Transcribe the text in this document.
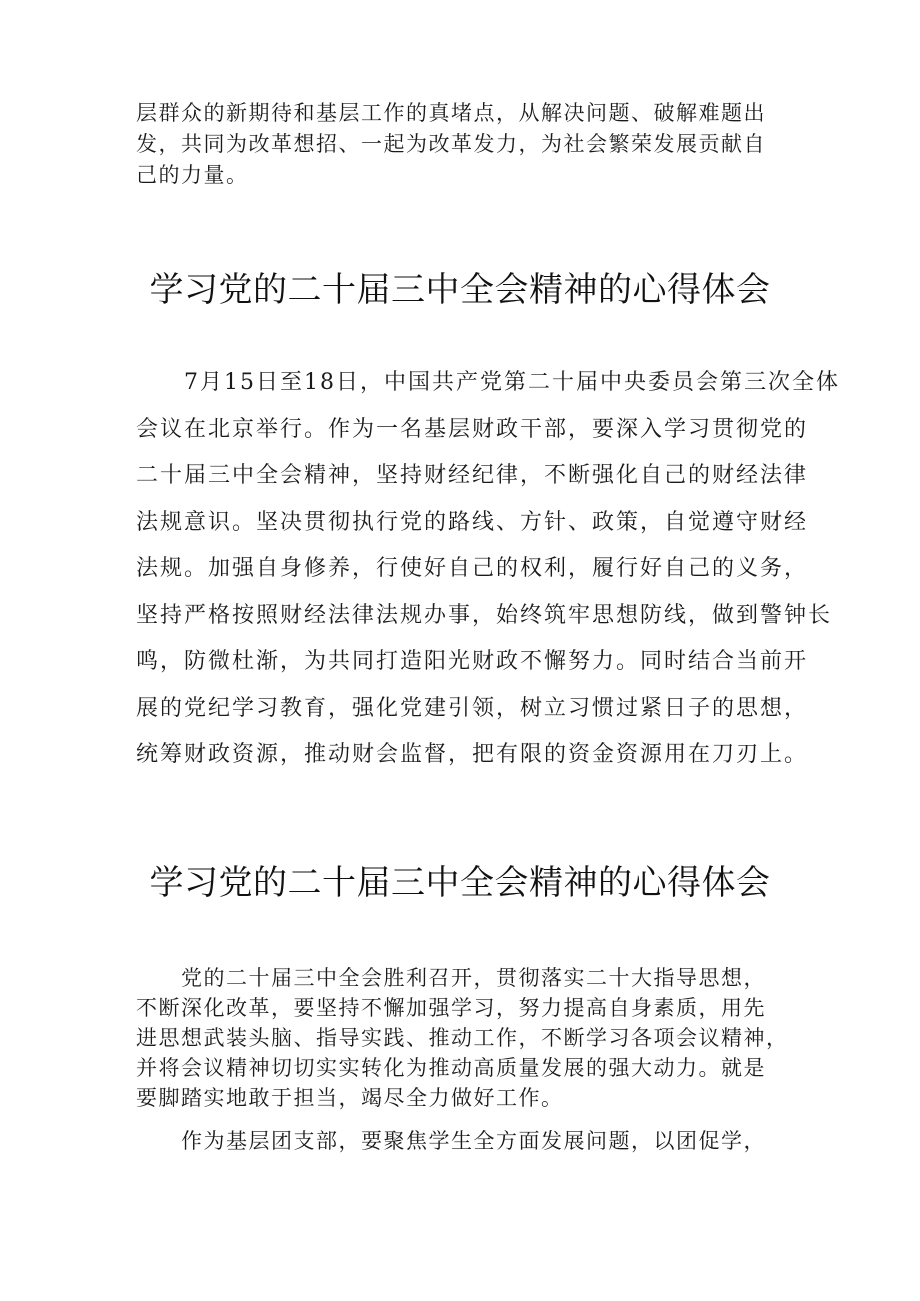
层群众的新期待和基层工作的真堵点，从解决问题、破解难题出
发，共同为改革想招、一起为改革发力，为社会繁荣发展贡献自
己的力量。

学习党的二十届三中全会精神的心得体会

　　7月15日至18日，中国共产党第二十届中央委员会第三次全体
会议在北京举行。作为一名基层财政干部，要深入学习贯彻党的
二十届三中全会精神，坚持财经纪律，不断强化自己的财经法律
法规意识。坚决贯彻执行党的路线、方针、政策，自觉遵守财经
法规。加强自身修养，行使好自己的权利，履行好自己的义务，
坚持严格按照财经法律法规办事，始终筑牢思想防线，做到警钟长
鸣，防微杜渐，为共同打造阳光财政不懈努力。同时结合当前开
展的党纪学习教育，强化党建引领，树立习惯过紧日子的思想，
统筹财政资源，推动财会监督，把有限的资金资源用在刀刃上。

学习党的二十届三中全会精神的心得体会

　　党的二十届三中全会胜利召开，贯彻落实二十大指导思想，
不断深化改革，要坚持不懈加强学习，努力提高自身素质，用先
进思想武装头脑、指导实践、推动工作，不断学习各项会议精神，
并将会议精神切切实实转化为推动高质量发展的强大动力。就是
要脚踏实地敢于担当，竭尽全力做好工作。

　　作为基层团支部，要聚焦学生全方面发展问题，以团促学，
